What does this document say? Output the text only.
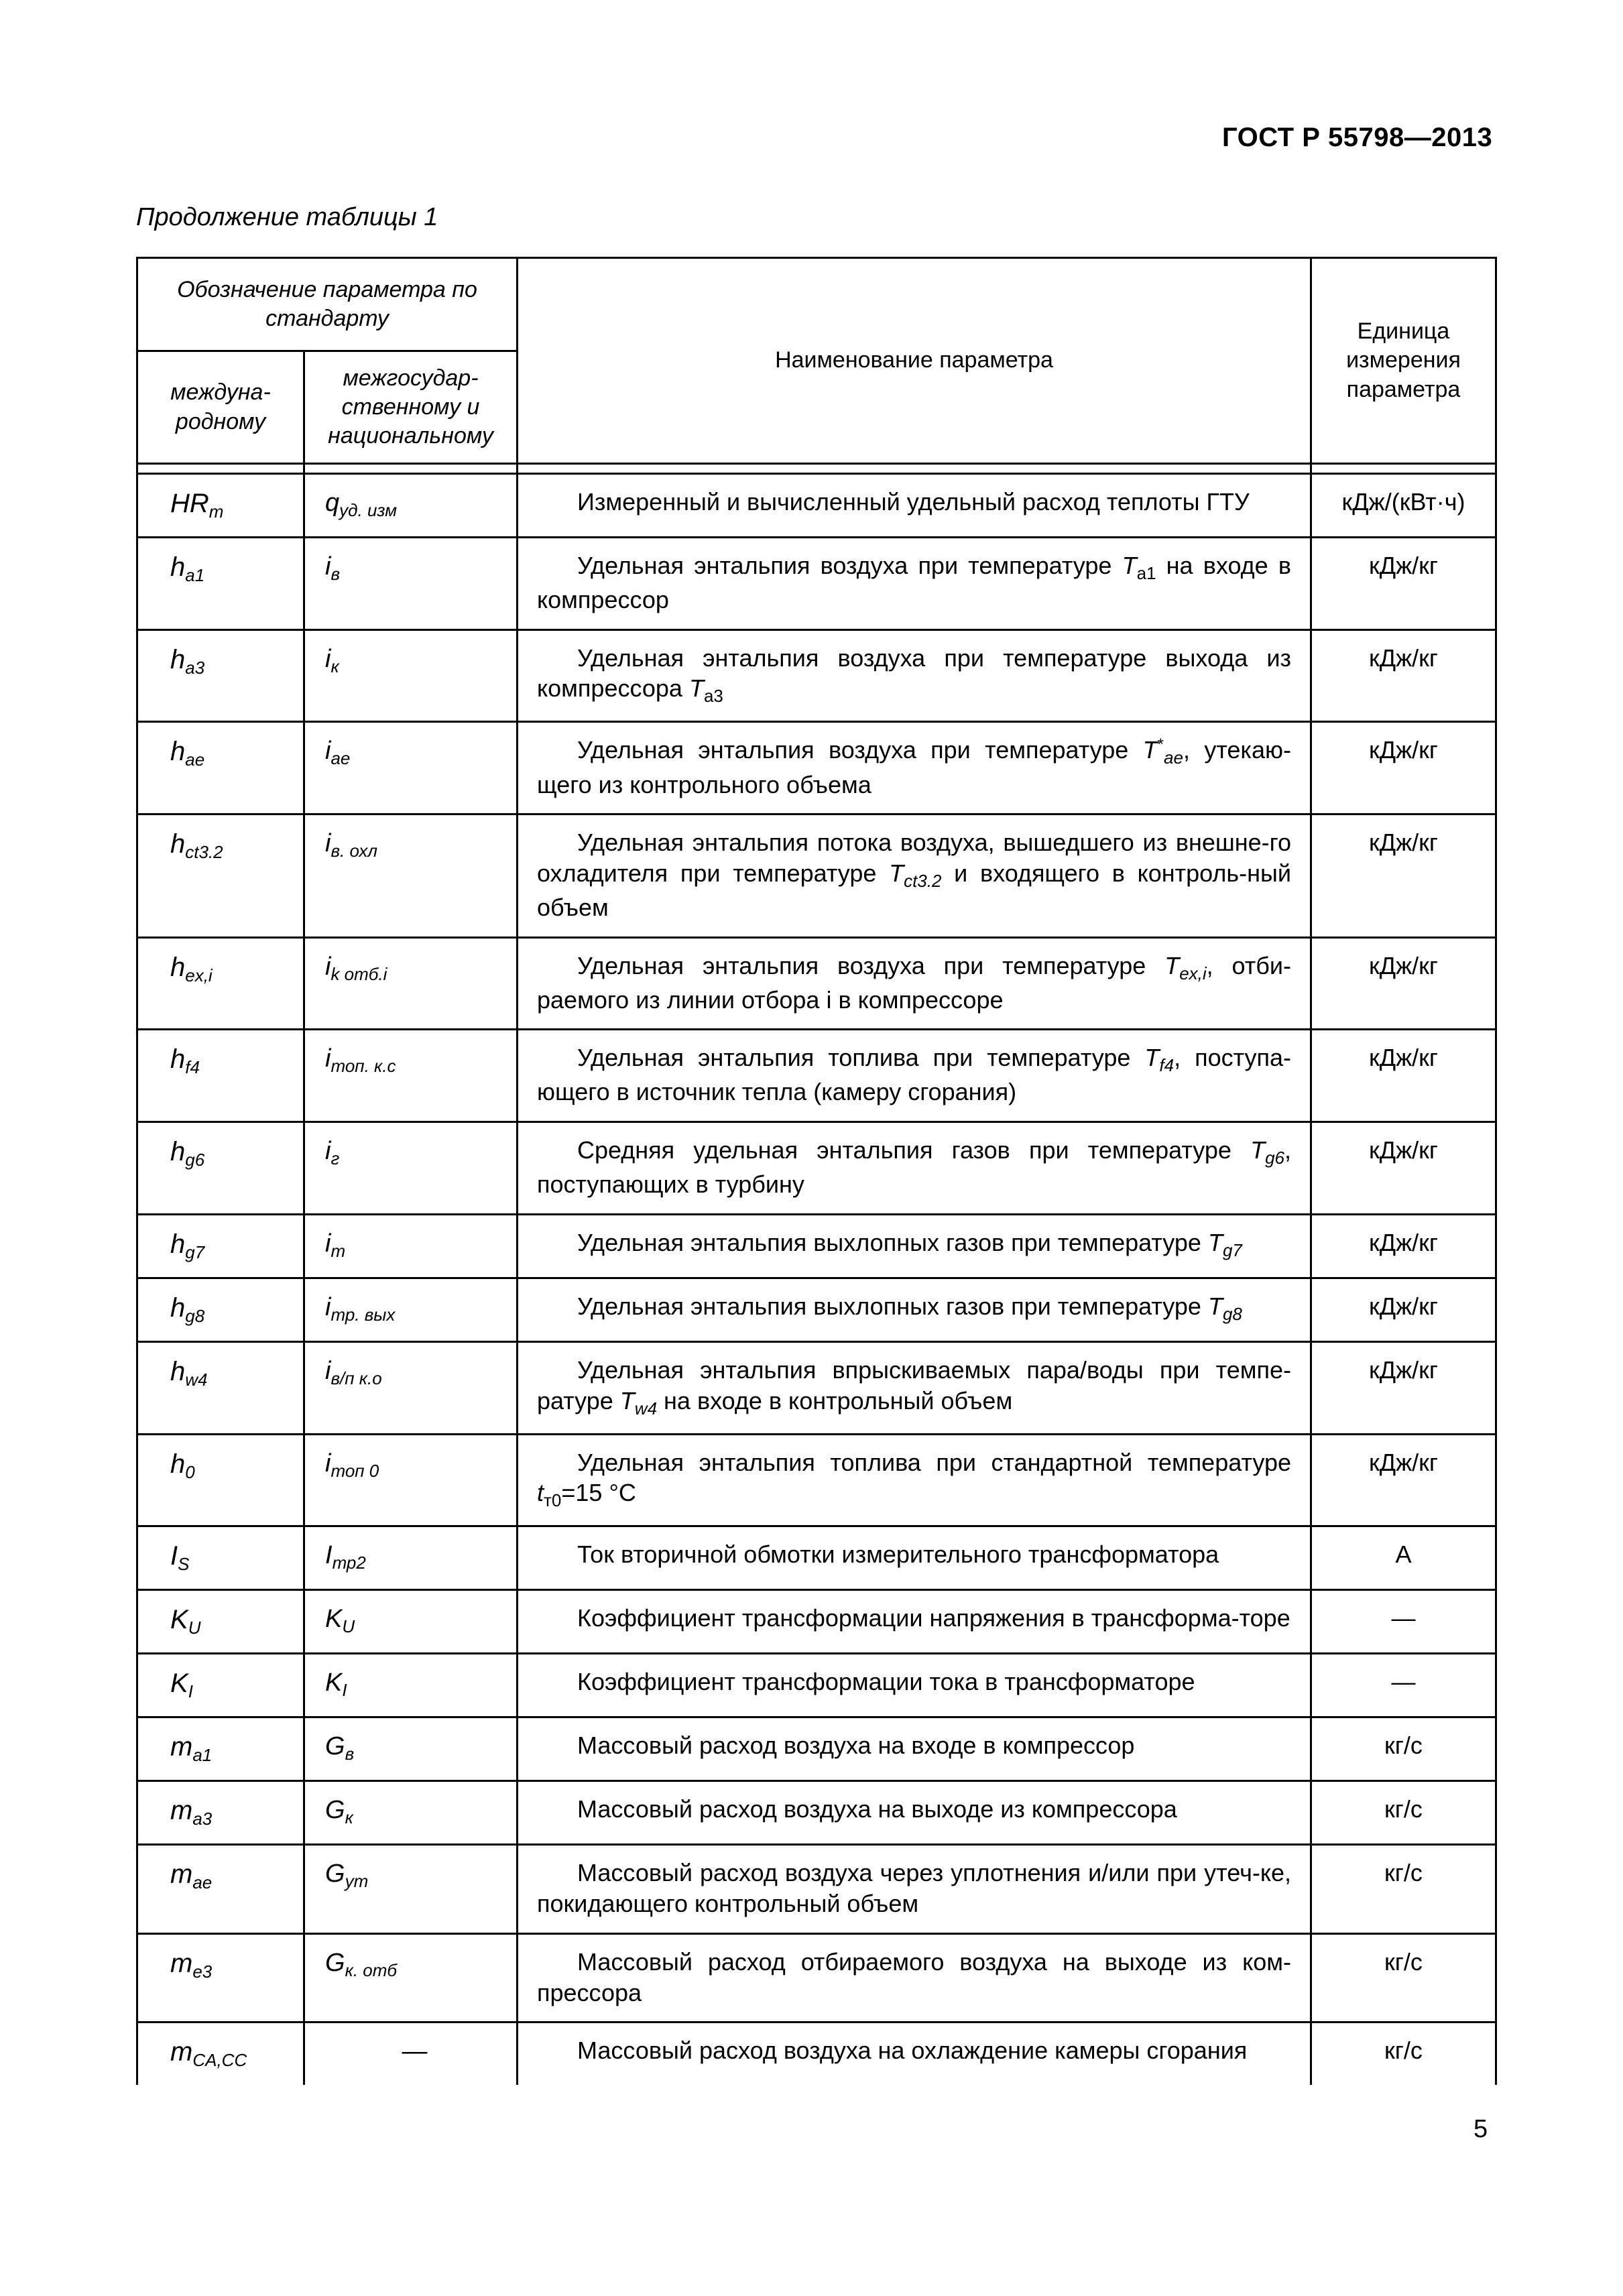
ГОСТ Р 55798—2013
Продолжение таблицы 1
Обозначение параметра по стандарту		Наименование параметра	Единица измерения параметра
междуна-родному	межгосудар-ственному и национальному		

$HR_m$	$q_{уд. изм}$	Измеренный и вычисленный удельный расход теплоты ГТУ	кДж/(кВт·ч)
$h_{a1}$	$i_в$	Удельная энтальпия воздуха при температуре $T_{a1}$ на входе в компрессор	кДж/кг
$h_{a3}$	$i_к$	Удельная энтальпия воздуха при температуре выхода из компрессора $T_{a3}$	кДж/кг
$h_{ae}$	$i_{ae}$	Удельная энтальпия воздуха при температуре $T^*_{ae}$, утекаю-щего из контрольного объема	кДж/кг
$h_{ct3.2}$	$i_{в. охл}$	Удельная энтальпия потока воздуха, вышедшего из внешне-го охладителя при температуре $T_{ct3.2}$ и входящего в контроль-ный объем	кДж/кг
$h_{ex,i}$	$i_{k отб.i}$	Удельная энтальпия воздуха при температуре $T_{ex,i}$, отби-раемого из линии отбора i в компрессоре	кДж/кг
$h_{f4}$	$i_{топ. к.с}$	Удельная энтальпия топлива при температуре $T_{f4}$, поступа-ющего в источник тепла (камеру сгорания)	кДж/кг
$h_{g6}$	$i_г$	Средняя удельная энтальпия газов при температуре $T_{g6}$, поступающих в турбину	кДж/кг
$h_{g7}$	$i_m$	Удельная энтальпия выхлопных газов при температуре $T_{g7}$	кДж/кг
$h_{g8}$	$i_{тр. вых}$	Удельная энтальпия выхлопных газов при температуре $T_{g8}$	кДж/кг
$h_{w4}$	$i_{в/п к.о}$	Удельная энтальпия впрыскиваемых пара/воды при темпе-ратуре $T_{w4}$ на входе в контрольный объем	кДж/кг
$h_0$	$i_{топ 0}$	Удельная энтальпия топлива при стандартной температуре $t_{т0}=15$ °С	кДж/кг
$I_S$	$I_{тр2}$	Ток вторичной обмотки измерительного трансформатора	А
$K_U$	$K_U$	Коэффициент трансформации напряжения в трансформа-торе	—
$K_I$	$K_I$	Коэффициент трансформации тока в трансформаторе	—
$m_{a1}$	$G_в$	Массовый расход воздуха на входе в компрессор	кг/с
$m_{a3}$	$G_к$	Массовый расход воздуха на выходе из компрессора	кг/с
$m_{ae}$	$G_{ут}$	Массовый расход воздуха через уплотнения и/или при утеч-ке, покидающего контрольный объем	кг/с
$m_{e3}$	$G_{к. отб}$	Массовый расход отбираемого воздуха на выходе из ком-прессора	кг/с
$m_{CA,CC}$	—	Массовый расход воздуха на охлаждение камеры сгорания	кг/с
5
